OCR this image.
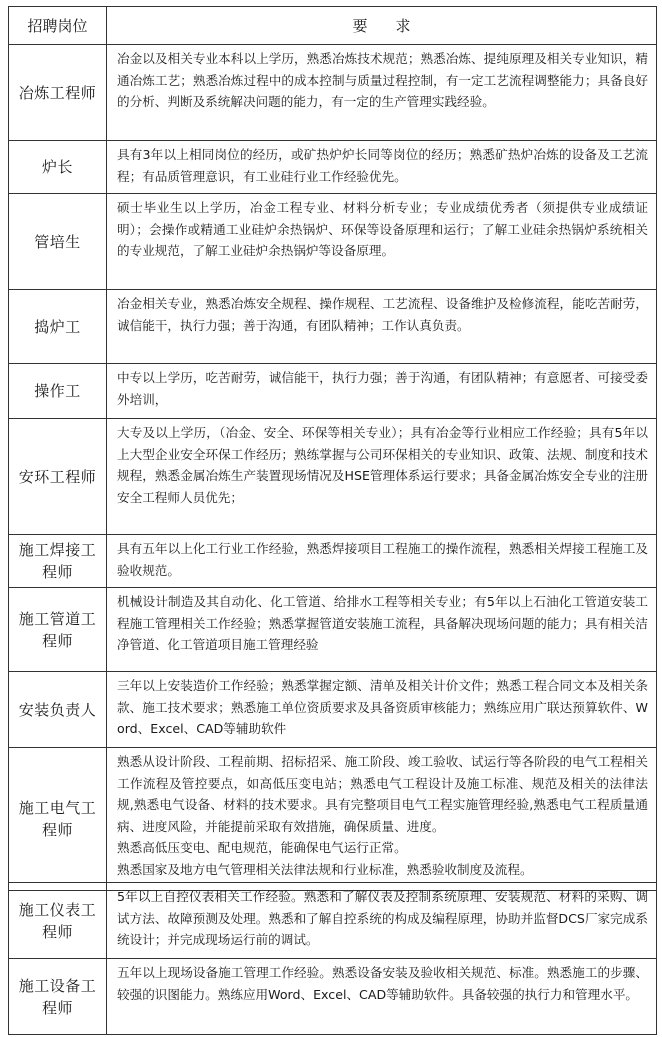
招聘岗位	要求
冶炼工程师	冶金以及相关专业本科以上学历，熟悉冶炼技术规范；熟悉冶炼、提纯原理及相关专业知识，精通冶炼工艺；熟悉冶炼过程中的成本控制与质量过程控制，有一定工艺流程调整能力；具备良好的分析、判断及系统解决问题的能力，有一定的生产管理实践经验。

炉长	具有3年以上相同岗位的经历，或矿热炉炉长同等岗位的经历；熟悉矿热炉冶炼的设备及工艺流程；有品质管理意识，有工业硅行业工作经验优先。

管培生	硕士毕业生以上学历，冶金工程专业、材料分析专业；专业成绩优秀者（须提供专业成绩证明）；会操作或精通工业硅炉余热锅炉、环保等设备原理和运行；了解工业硅余热锅炉系统相关的专业规范，了解工业硅炉余热锅炉等设备原理。

捣炉工	冶金相关专业，熟悉冶炼安全规程、操作规程、工艺流程、设备维护及检修流程，能吃苦耐劳，诚信能干，执行力强；善于沟通，有团队精神；工作认真负责。

操作工	中专以上学历，吃苦耐劳，诚信能干，执行力强；善于沟通，有团队精神；有意愿者、可接受委外培训，

安环工程师	大专及以上学历，（冶金、安全、环保等相关专业）；具有冶金等行业相应工作经验；具有5年以上大型企业安全环保工作经历；熟练掌握与公司环保相关的专业知识、政策、法规、制度和技术规程，熟悉金属冶炼生产装置现场情况及HSE管理体系运行要求；具备金属冶炼安全专业的注册安全工程师人员优先；

施工焊接工程师	具有五年以上化工行业工作经验，熟悉焊接项目工程施工的操作流程，熟悉相关焊接工程施工及验收规范。

施工管道工程师	机械设计制造及其自动化、化工管道、给排水工程等相关专业；有5年以上石油化工管道安装工程施工管理相关工作经验；熟悉掌握管道安装施工流程，具备解决现场问题的能力；具有相关洁净管道、化工管道项目施工管理经验

安装负责人	三年以上安装造价工作经验；熟悉掌握定额、清单及相关计价文件；熟悉工程合同文本及相关条款、施工技术要求；熟悉施工单位资质要求及具备资质审核能力；熟练应用广联达预算软件、Word、Excel、CAD等辅助软件

施工电气工程师	熟悉从设计阶段、工程前期、招标招采、施工阶段、竣工验收、试运行等各阶段的电气工程相关工作流程及管控要点，如高低压变电站；熟悉电气工程设计及施工标准、规范及相关的法律法规,熟悉电气设备、材料的技术要求。具有完整项目电气工程实施管理经验,熟悉电气工程质量通病、进度风险，并能提前采取有效措施，确保质量、进度。
熟悉高低压变电、配电规范，能确保电气运行正常。
熟悉国家及地方电气管理相关法律法规和行业标准，熟悉验收制度及流程。
施工仪表工程师	5年以上自控仪表相关工作经验。熟悉和了解仪表及控制系统原理、安装规范、材料的采购、调试方法、故障预测及处理。熟悉和了解自控系统的构成及编程原理，协助并监督DCS厂家完成系统设计；并完成现场运行前的调试。

施工设备工程师	五年以上现场设备施工管理工作经验。熟悉设备安装及验收相关规范、标准。熟悉施工的步骤、较强的识图能力。熟练应用Word、Excel、CAD等辅助软件。具备较强的执行力和管理水平。
